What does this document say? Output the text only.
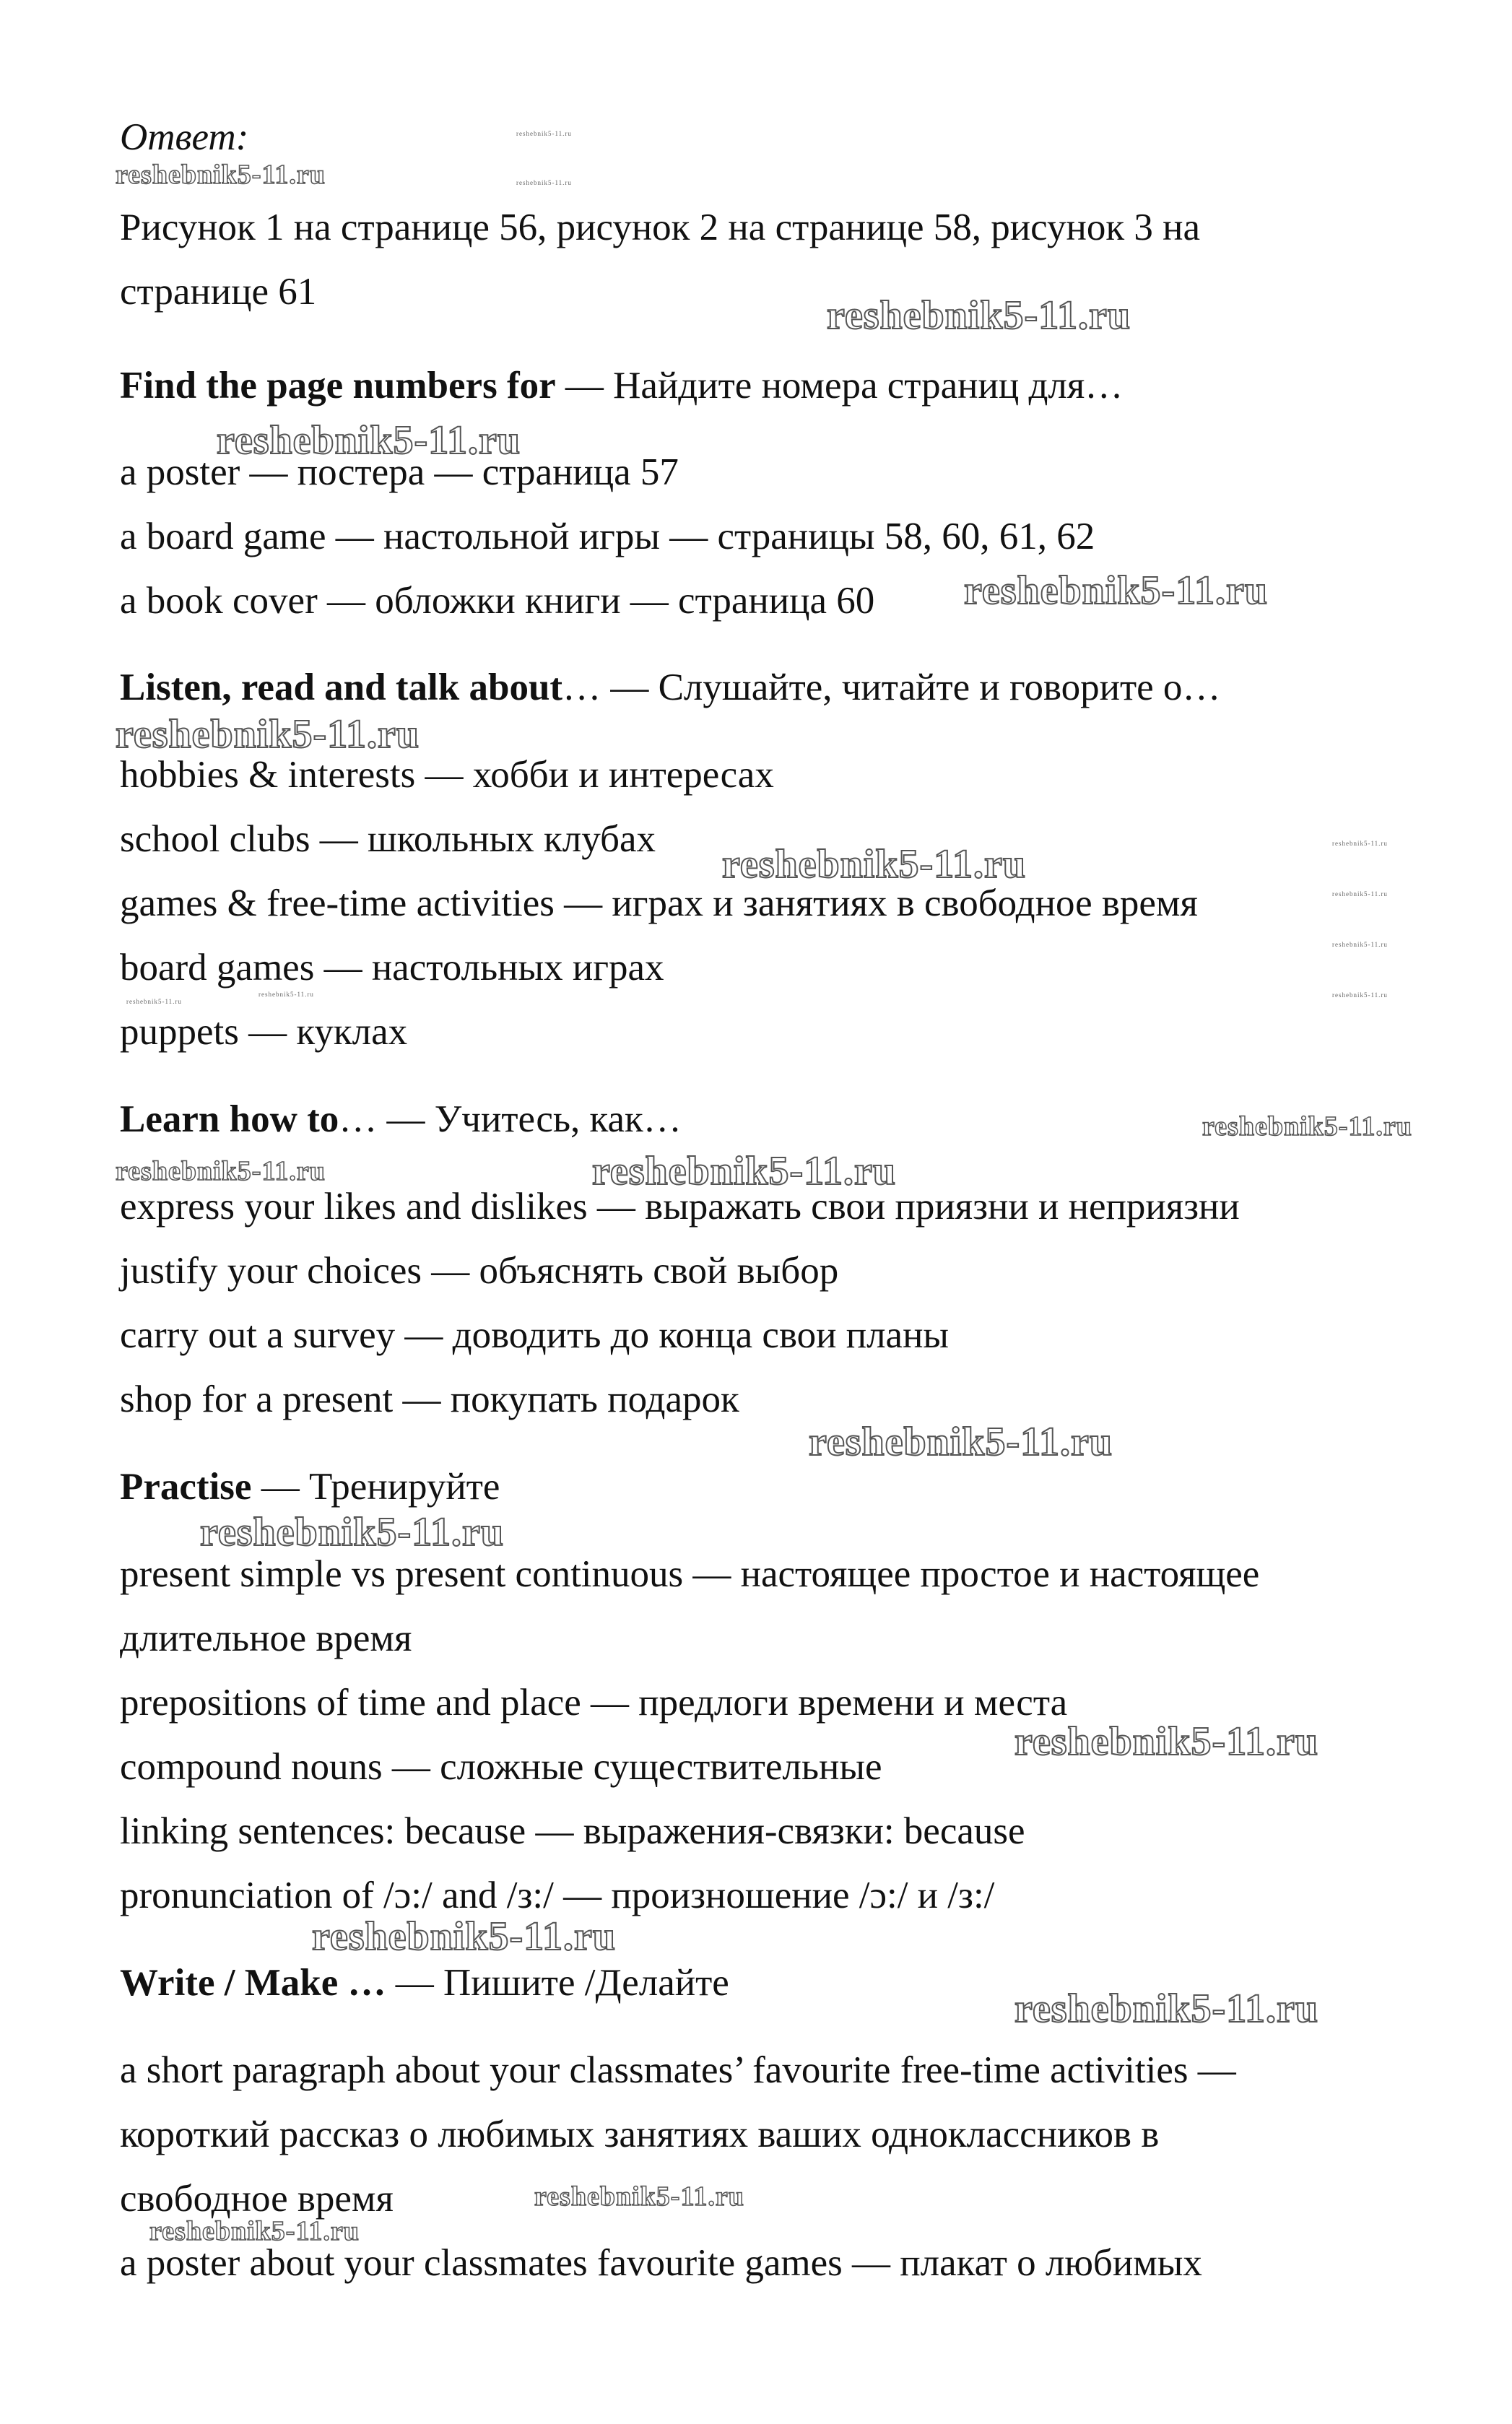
Ответ:
Рисунок 1 на странице 56, рисунок 2 на странице 58, рисунок 3 на
странице 61
Find the page numbers for — Найдите номера страниц для…
a poster — постера — страница 57
a board game — настольной игры — страницы 58, 60, 61, 62
a book cover — обложки книги — страница 60
Listen, read and talk about… — Слушайте, читайте и говорите о…
hobbies & interests — хобби и интересах
school clubs — школьных клубах
games & free-time activities — играх и занятиях в свободное время
board games — настольных играх
puppets — куклах
Learn how to… — Учитесь, как…
express your likes and dislikes — выражать свои приязни и неприязни
justify your choices — объяснять свой выбор
carry out a survey — доводить до конца свои планы
shop for a present — покупать подарок
Practise — Тренируйте
present simple vs present continuous — настоящее простое и настоящее
длительное время
prepositions of time and place — предлоги времени и места
compound nouns — сложные существительные
linking sentences: because — выражения-связки: because
pronunciation of /ɔ:/ and /з:/ — произношение /ɔ:/ и /з:/
Write / Make … — Пишите /Делайте
a short paragraph about your classmates’ favourite free-time activities —
короткий рассказ о любимых занятиях ваших одноклассников в
свободное время
a poster about your classmates favourite games — плакат о любимых
reshebnik5-11.ru
reshebnik5-11.ru
reshebnik5-11.ru
reshebnik5-11.ru
reshebnik5-11.ru
reshebnik5-11.ru
reshebnik5-11.ru
reshebnik5-11.ru	reshebnik5-11.ru
reshebnik5-11.ru
reshebnik5-11.ru
reshebnik5-11.ru
reshebnik5-11.ru
reshebnik5-11.ru
reshebnik5-11.ru
reshebnik5-11.ru	reshebnik5-11.ru
reshebnik5-11.ru
reshebnik5-11.ru
reshebnik5-11.ru
reshebnik5-11.ru
reshebnik5-11.ru
reshebnik5-11.ru
reshebnik5-11.ru
